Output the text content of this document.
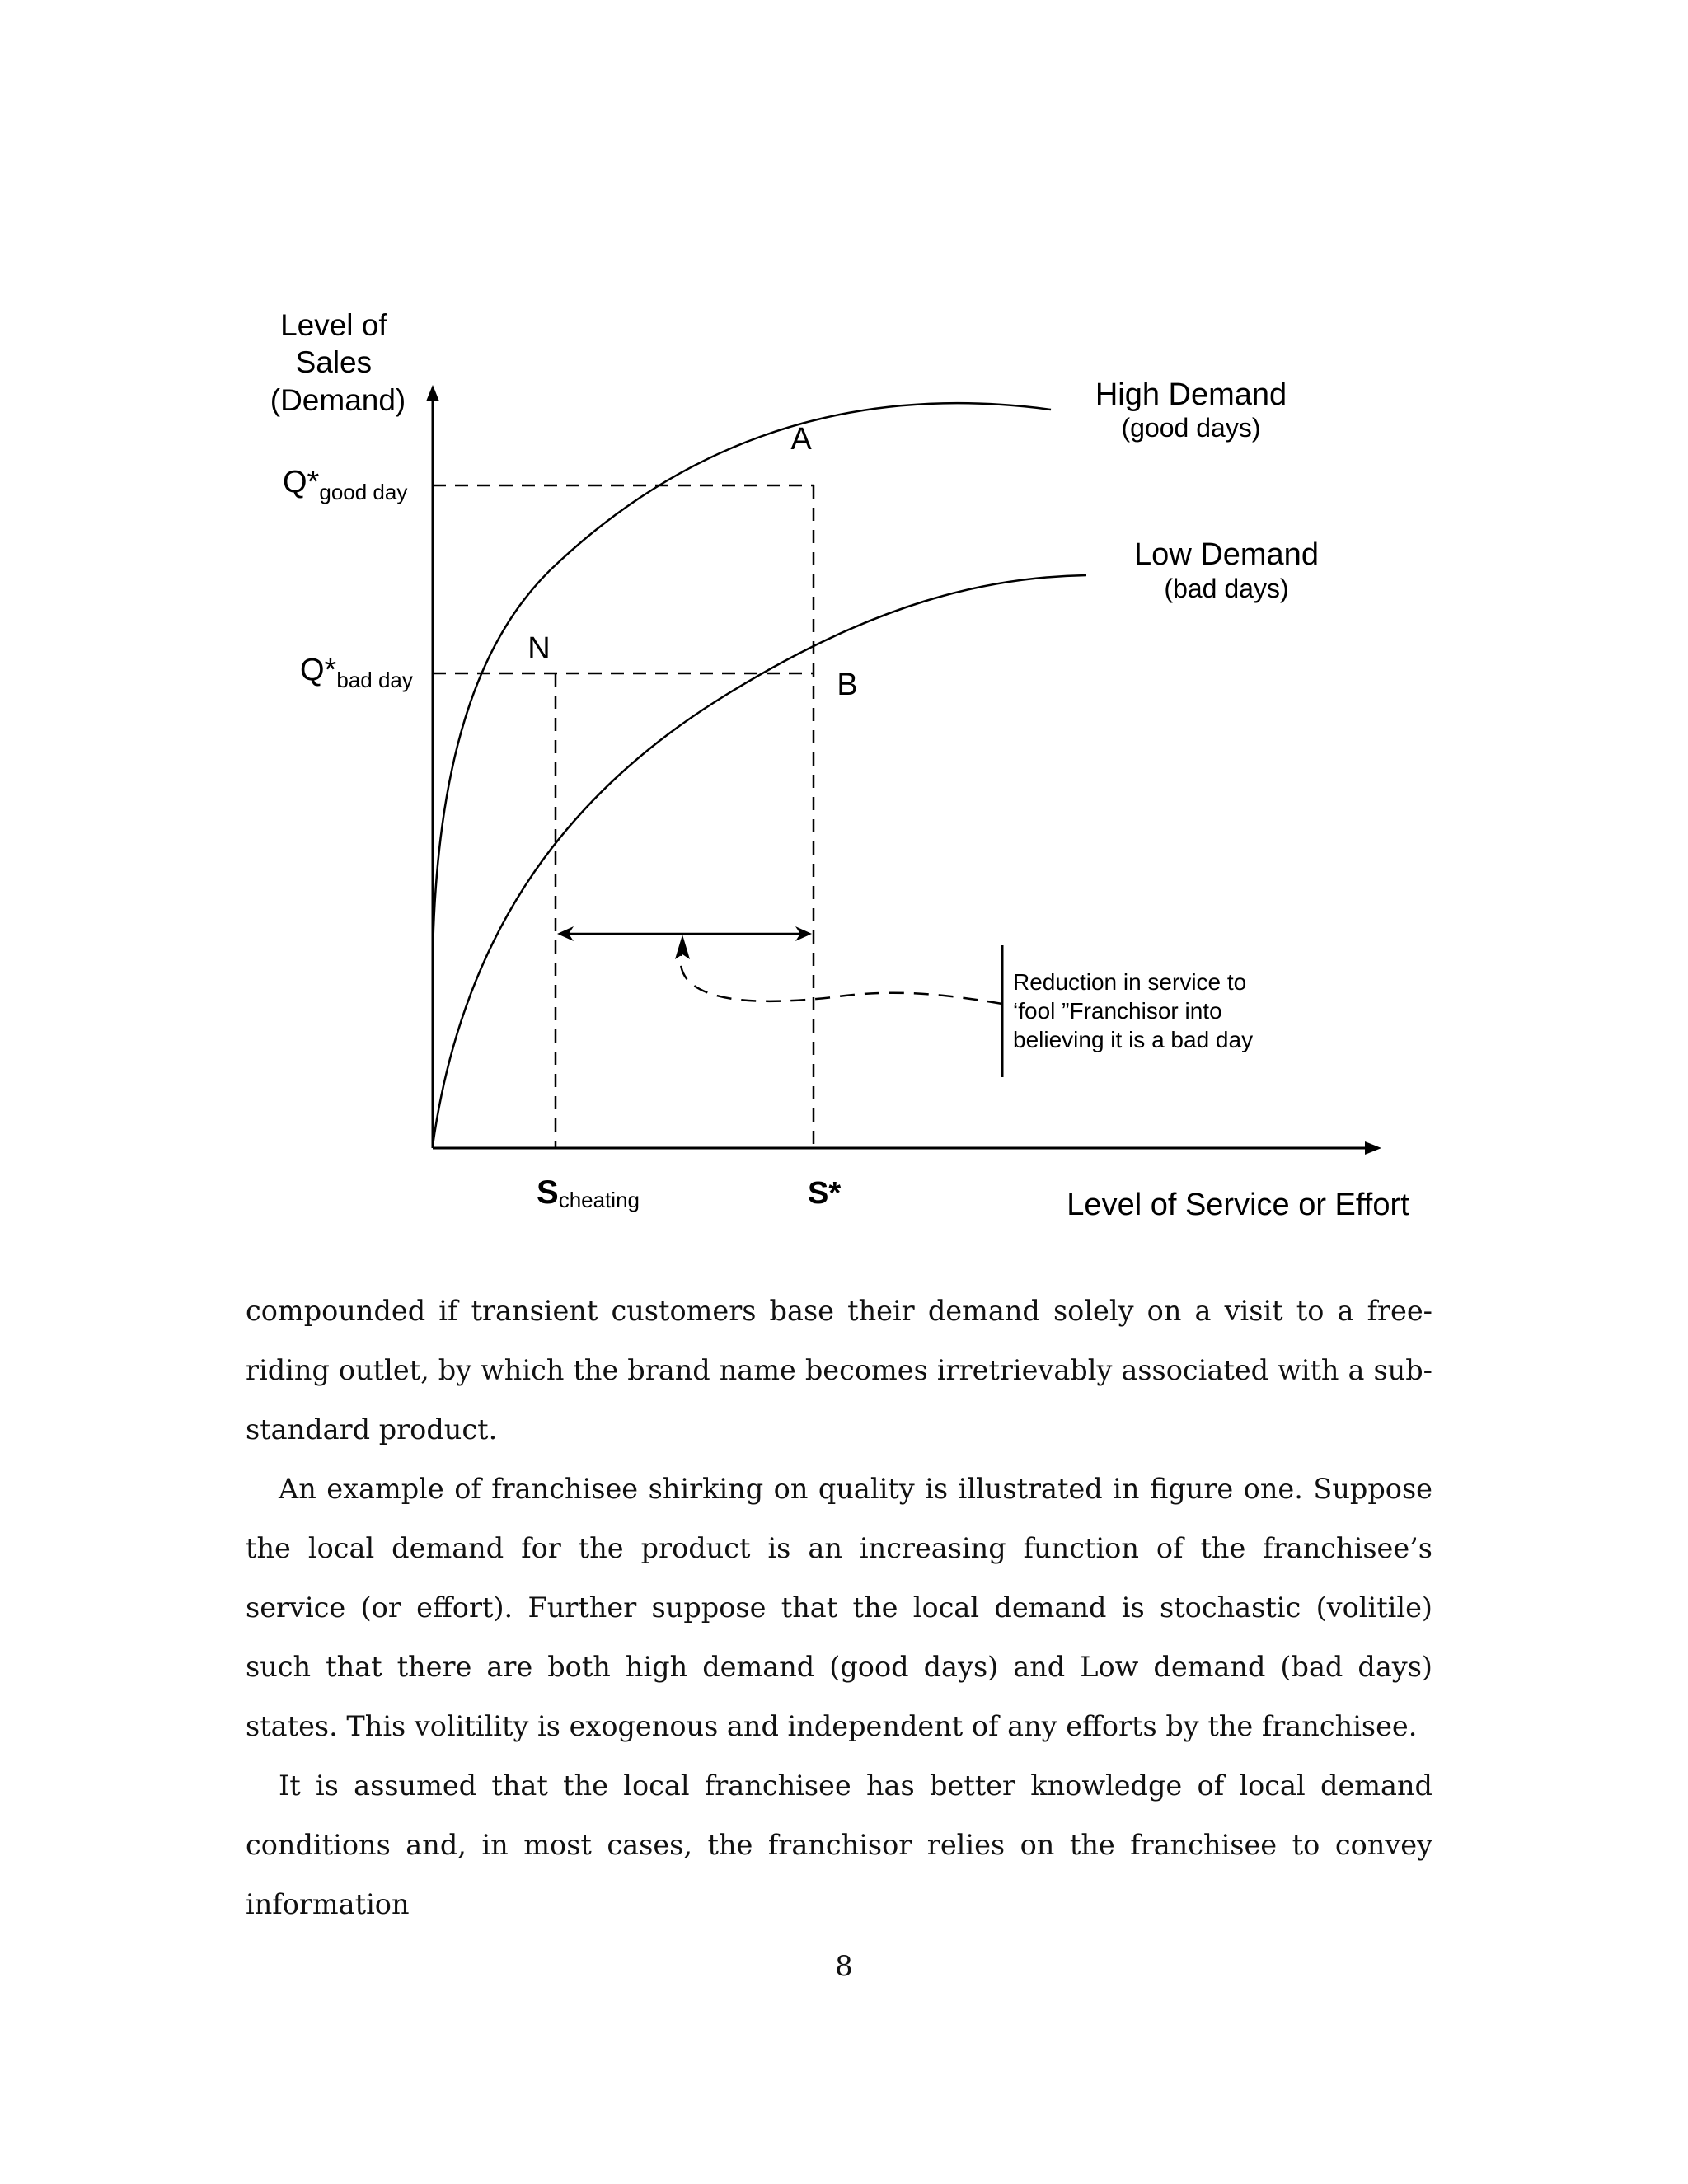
Level of Sales (Demand)
$Q*_{good day}$
$Q*_{bad day}$
A
B
N
High Demand
(good days)
Low Demand
(bad days)
Reduction in service to ‘fool ”Franchisor into believing it is a bad day
Scheating	S*	Level of Service or Effort

compounded if transient customers base their demand solely on a visit to a free-riding outlet, by which the brand name becomes irretrievably associated with a sub-standard product.

An example of franchisee shirking on quality is illustrated in figure one. Suppose the local demand for the product is an increasing function of the franchisee’s service (or effort). Further suppose that the local demand is stochastic (volitile) such that there are both high demand (good days) and Low demand (bad days) states. This volitility is exogenous and independent of any efforts by the franchisee.

It is assumed that the local franchisee has better knowledge of local demand conditions and, in most cases, the franchisor relies on the franchisee to convey information

8
